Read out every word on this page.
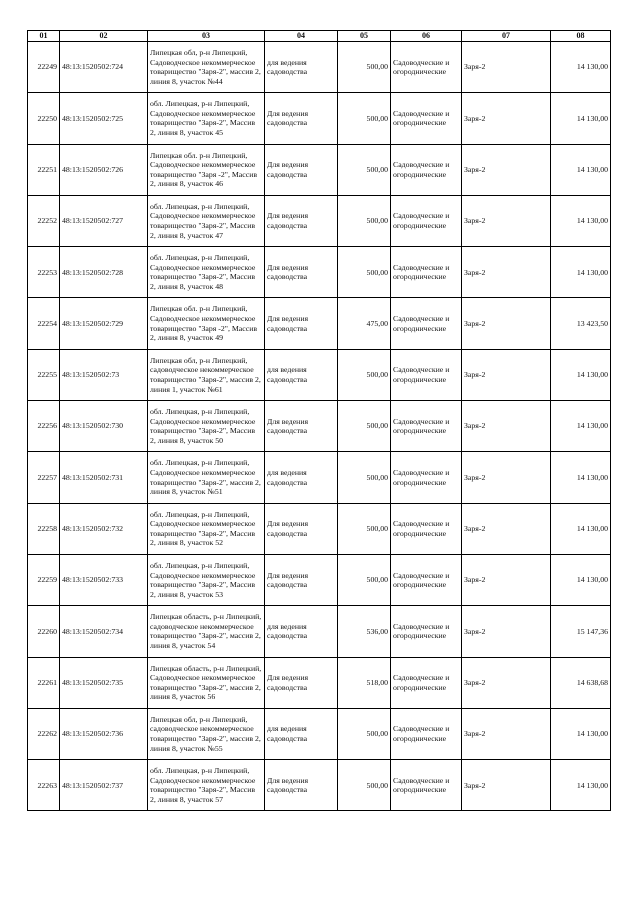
01	02	03	04	05	06	07	08
22249	48:13:1520502:724	Липецкая обл, р-н Липецкий, Садоводческое некоммерческое товарищество "Заря-2", массив 2, линия 8, участок №44	для ведения садоводства	500,00	Садоводческие и огороднические	Заря-2	14 130,00
22250	48:13:1520502:725	обл. Липецкая, р-н Липецкий, Садоводческое некоммерческое товарищество "Заря-2", Массив 2, линия 8, участок 45	Для ведения садоводства	500,00	Садоводческие и огороднические	Заря-2	14 130,00
22251	48:13:1520502:726	Липецкая обл. р-н Липецкий, Садоводческое некоммерческое товарищество "Заря -2", Массив 2, линия 8, участок 46	Для ведения садоводства	500,00	Садоводческие и огороднические	Заря-2	14 130,00
22252	48:13:1520502:727	обл. Липецкая, р-н Липецкий, Садоводческое некоммерческое товарищество "Заря-2", Массив 2, линия 8, участок 47	Для ведения садоводства	500,00	Садоводческие и огороднические	Заря-2	14 130,00
22253	48:13:1520502:728	обл. Липецкая, р-н Липецкий, Садоводческое некоммерческое товарищество "Заря-2", Массив 2, линия 8, участок 48	Для ведения садоводства	500,00	Садоводческие и огороднические	Заря-2	14 130,00
22254	48:13:1520502:729	Липецкая обл. р-н Липецкий, Садоводческое некоммерческое товарищество "Заря -2", Массив 2, линия 8, участок 49	Для ведения садоводства	475,00	Садоводческие и огороднические	Заря-2	13 423,50
22255	48:13:1520502:73	Липецкая обл, р-н Липецкий, садоводческое некоммерческое товарищество "Заря-2", массив 2, линия 1, участок №61	для ведения садоводства	500,00	Садоводческие и огороднические	Заря-2	14 130,00
22256	48:13:1520502:730	обл. Липецкая, р-н Липецкий, Садоводческое некоммерческое товарищество "Заря-2", Массив 2, линия 8, участок 50	Для ведения садоводства	500,00	Садоводческие и огороднические	Заря-2	14 130,00
22257	48:13:1520502:731	обл. Липецкая, р-н Липецкий, Садоводческое некоммерческое товарищество "Заря-2", массив 2, линия 8, участок №51	для ведения садоводства	500,00	Садоводческие и огороднические	Заря-2	14 130,00
22258	48:13:1520502:732	обл. Липецкая, р-н Липецкий, Садоводческое некоммерческое товарищество "Заря-2", Массив 2, линия 8, участок 52	Для ведения садоводства	500,00	Садоводческие и огороднические	Заря-2	14 130,00
22259	48:13:1520502:733	обл. Липецкая, р-н Липецкий, Садоводческое некоммерческое товарищество "Заря-2", Массив 2, линия 8, участок 53	Для ведения садоводства	500,00	Садоводческие и огороднические	Заря-2	14 130,00
22260	48:13:1520502:734	Липецкая область, р-н Липецкий, садоводческое некоммерческое товарищество "Заря-2", массив 2, линия 8, участок 54	для ведения садоводства	536,00	Садоводческие и огороднические	Заря-2	15 147,36
22261	48:13:1520502:735	Липецкая область, р-н Липецкий, Садоводческое некоммерческое товарищество "Заря-2", массив 2, линия 8, участок 56	Для ведения садоводства	518,00	Садоводческие и огороднические	Заря-2	14 638,68
22262	48:13:1520502:736	Липецкая обл, р-н Липецкий, садоводческое некоммерческое товарищество "Заря-2", массив 2, линия 8, участок №55	для ведения садоводства	500,00	Садоводческие и огороднические	Заря-2	14 130,00
22263	48:13:1520502:737	обл. Липецкая, р-н Липецкий, Садоводческое некоммерческое товарищество "Заря-2", Массив 2, линия 8, участок 57	Для ведения садоводства	500,00	Садоводческие и огороднические	Заря-2	14 130,00
